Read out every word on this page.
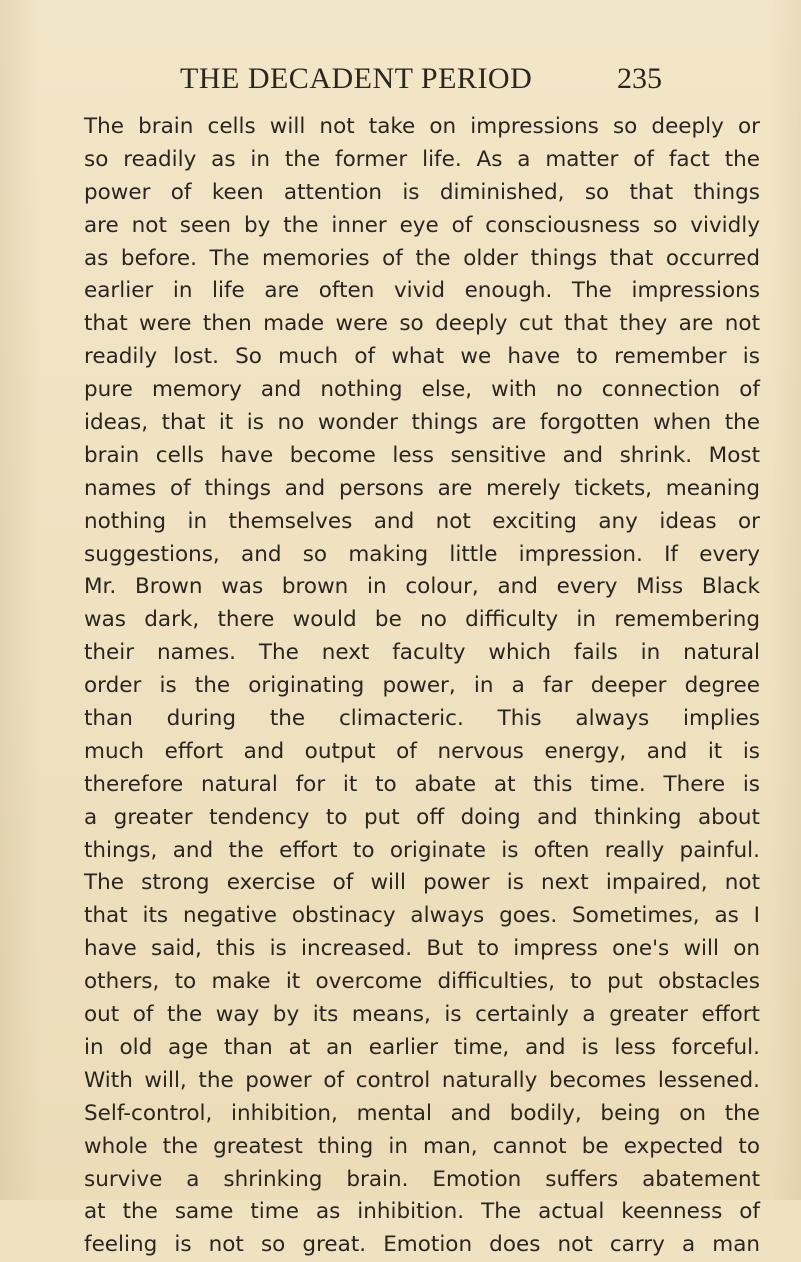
THE DECADENT PERIOD	235
The brain cells will not take on impressions so deeply or
so readily as in the former life. As a matter of fact the
power of keen attention is diminished, so that things
are not seen by the inner eye of consciousness so vividly
as before. The memories of the older things that occurred
earlier in life are often vivid enough. The impressions
that were then made were so deeply cut that they are not
readily lost. So much of what we have to remember is
pure memory and nothing else, with no connection of
ideas, that it is no wonder things are forgotten when the
brain cells have become less sensitive and shrink. Most
names of things and persons are merely tickets, meaning
nothing in themselves and not exciting any ideas or
suggestions, and so making little impression. If every
Mr. Brown was brown in colour, and every Miss Black
was dark, there would be no difficulty in remembering
their names. The next faculty which fails in natural
order is the originating power, in a far deeper degree
than during the climacteric. This always implies
much effort and output of nervous energy, and it is
therefore natural for it to abate at this time. There is
a greater tendency to put off doing and thinking about
things, and the effort to originate is often really painful.
The strong exercise of will power is next impaired, not
that its negative obstinacy always goes. Sometimes, as I
have said, this is increased. But to impress one's will on
others, to make it overcome difficulties, to put obstacles
out of the way by its means, is certainly a greater effort
in old age than at an earlier time, and is less forceful.
With will, the power of control naturally becomes lessened.
Self-control, inhibition, mental and bodily, being on the
whole the greatest thing in man, cannot be expected to
survive a shrinking brain. Emotion suffers abatement
at the same time as inhibition. The actual keenness of
feeling is not so great. Emotion does not carry a man
